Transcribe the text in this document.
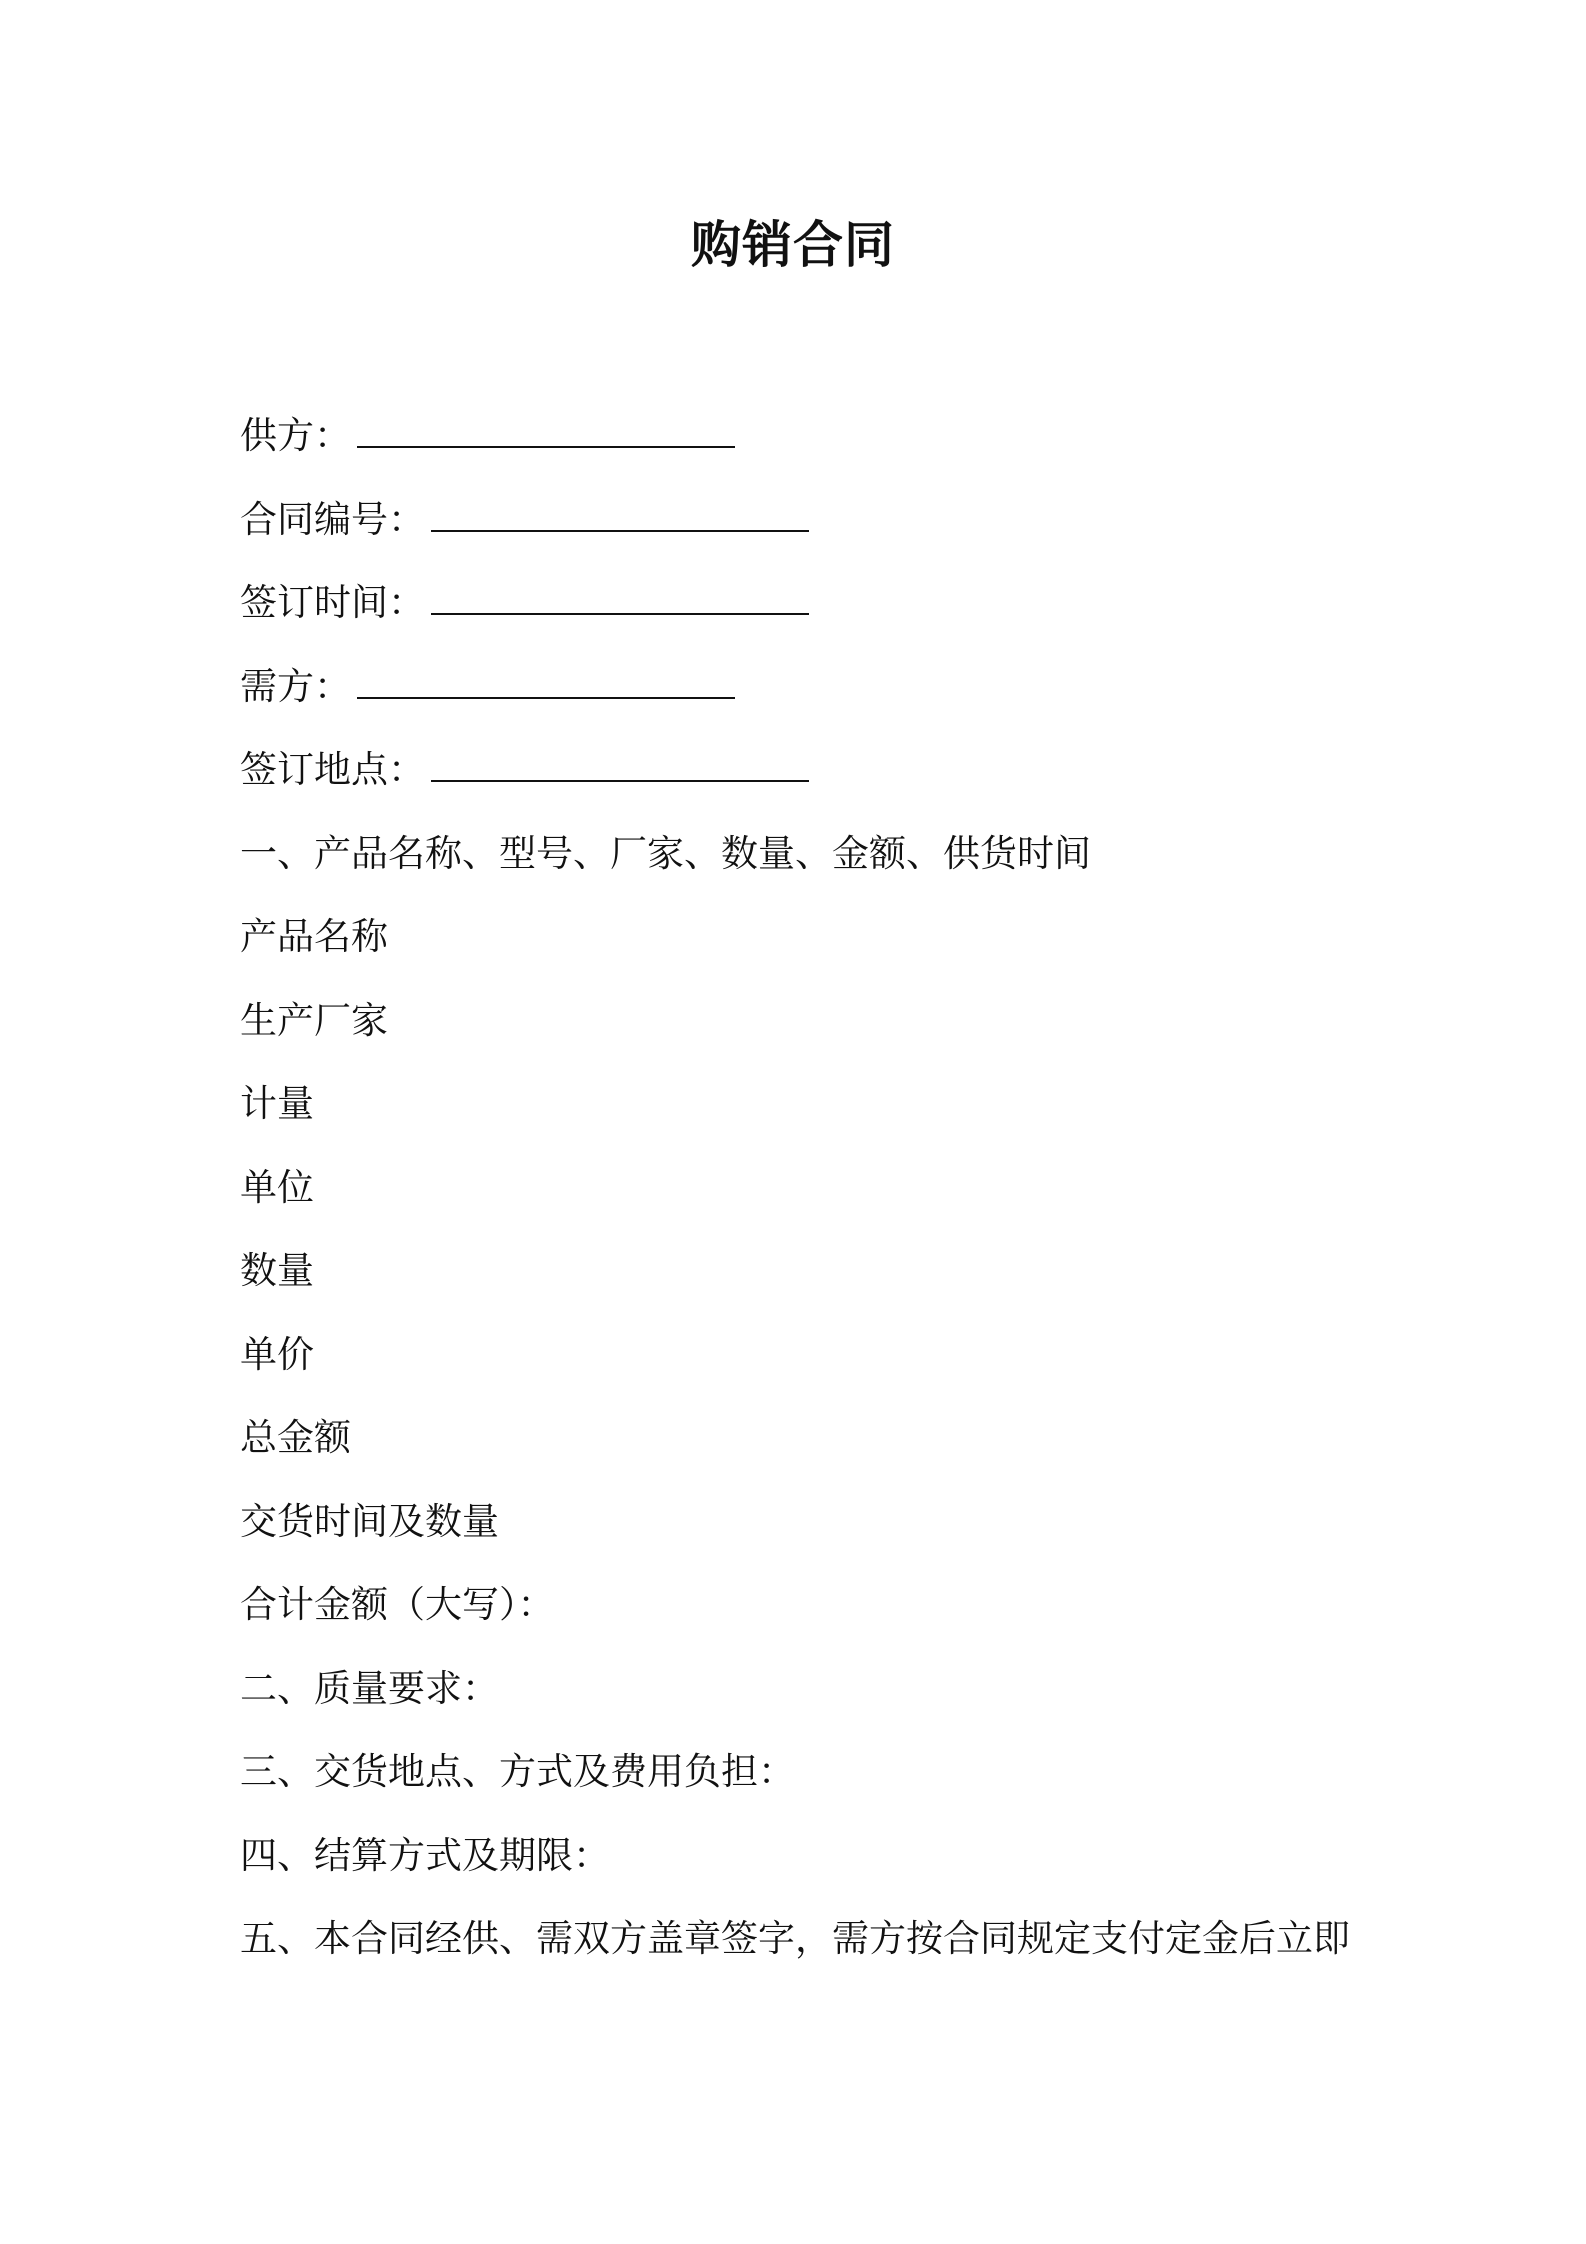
购销合同
供方：
合同编号：
签订时间：
需方：
签订地点：
一、产品名称、型号、厂家、数量、金额、供货时间
产品名称
生产厂家
计量
单位
数量
单价
总金额
交货时间及数量
合计金额（大写）：
二、质量要求：
三、交货地点、方式及费用负担：
四、结算方式及期限：
五、本合同经供、需双方盖章签字，需方按合同规定支付定金后立即
